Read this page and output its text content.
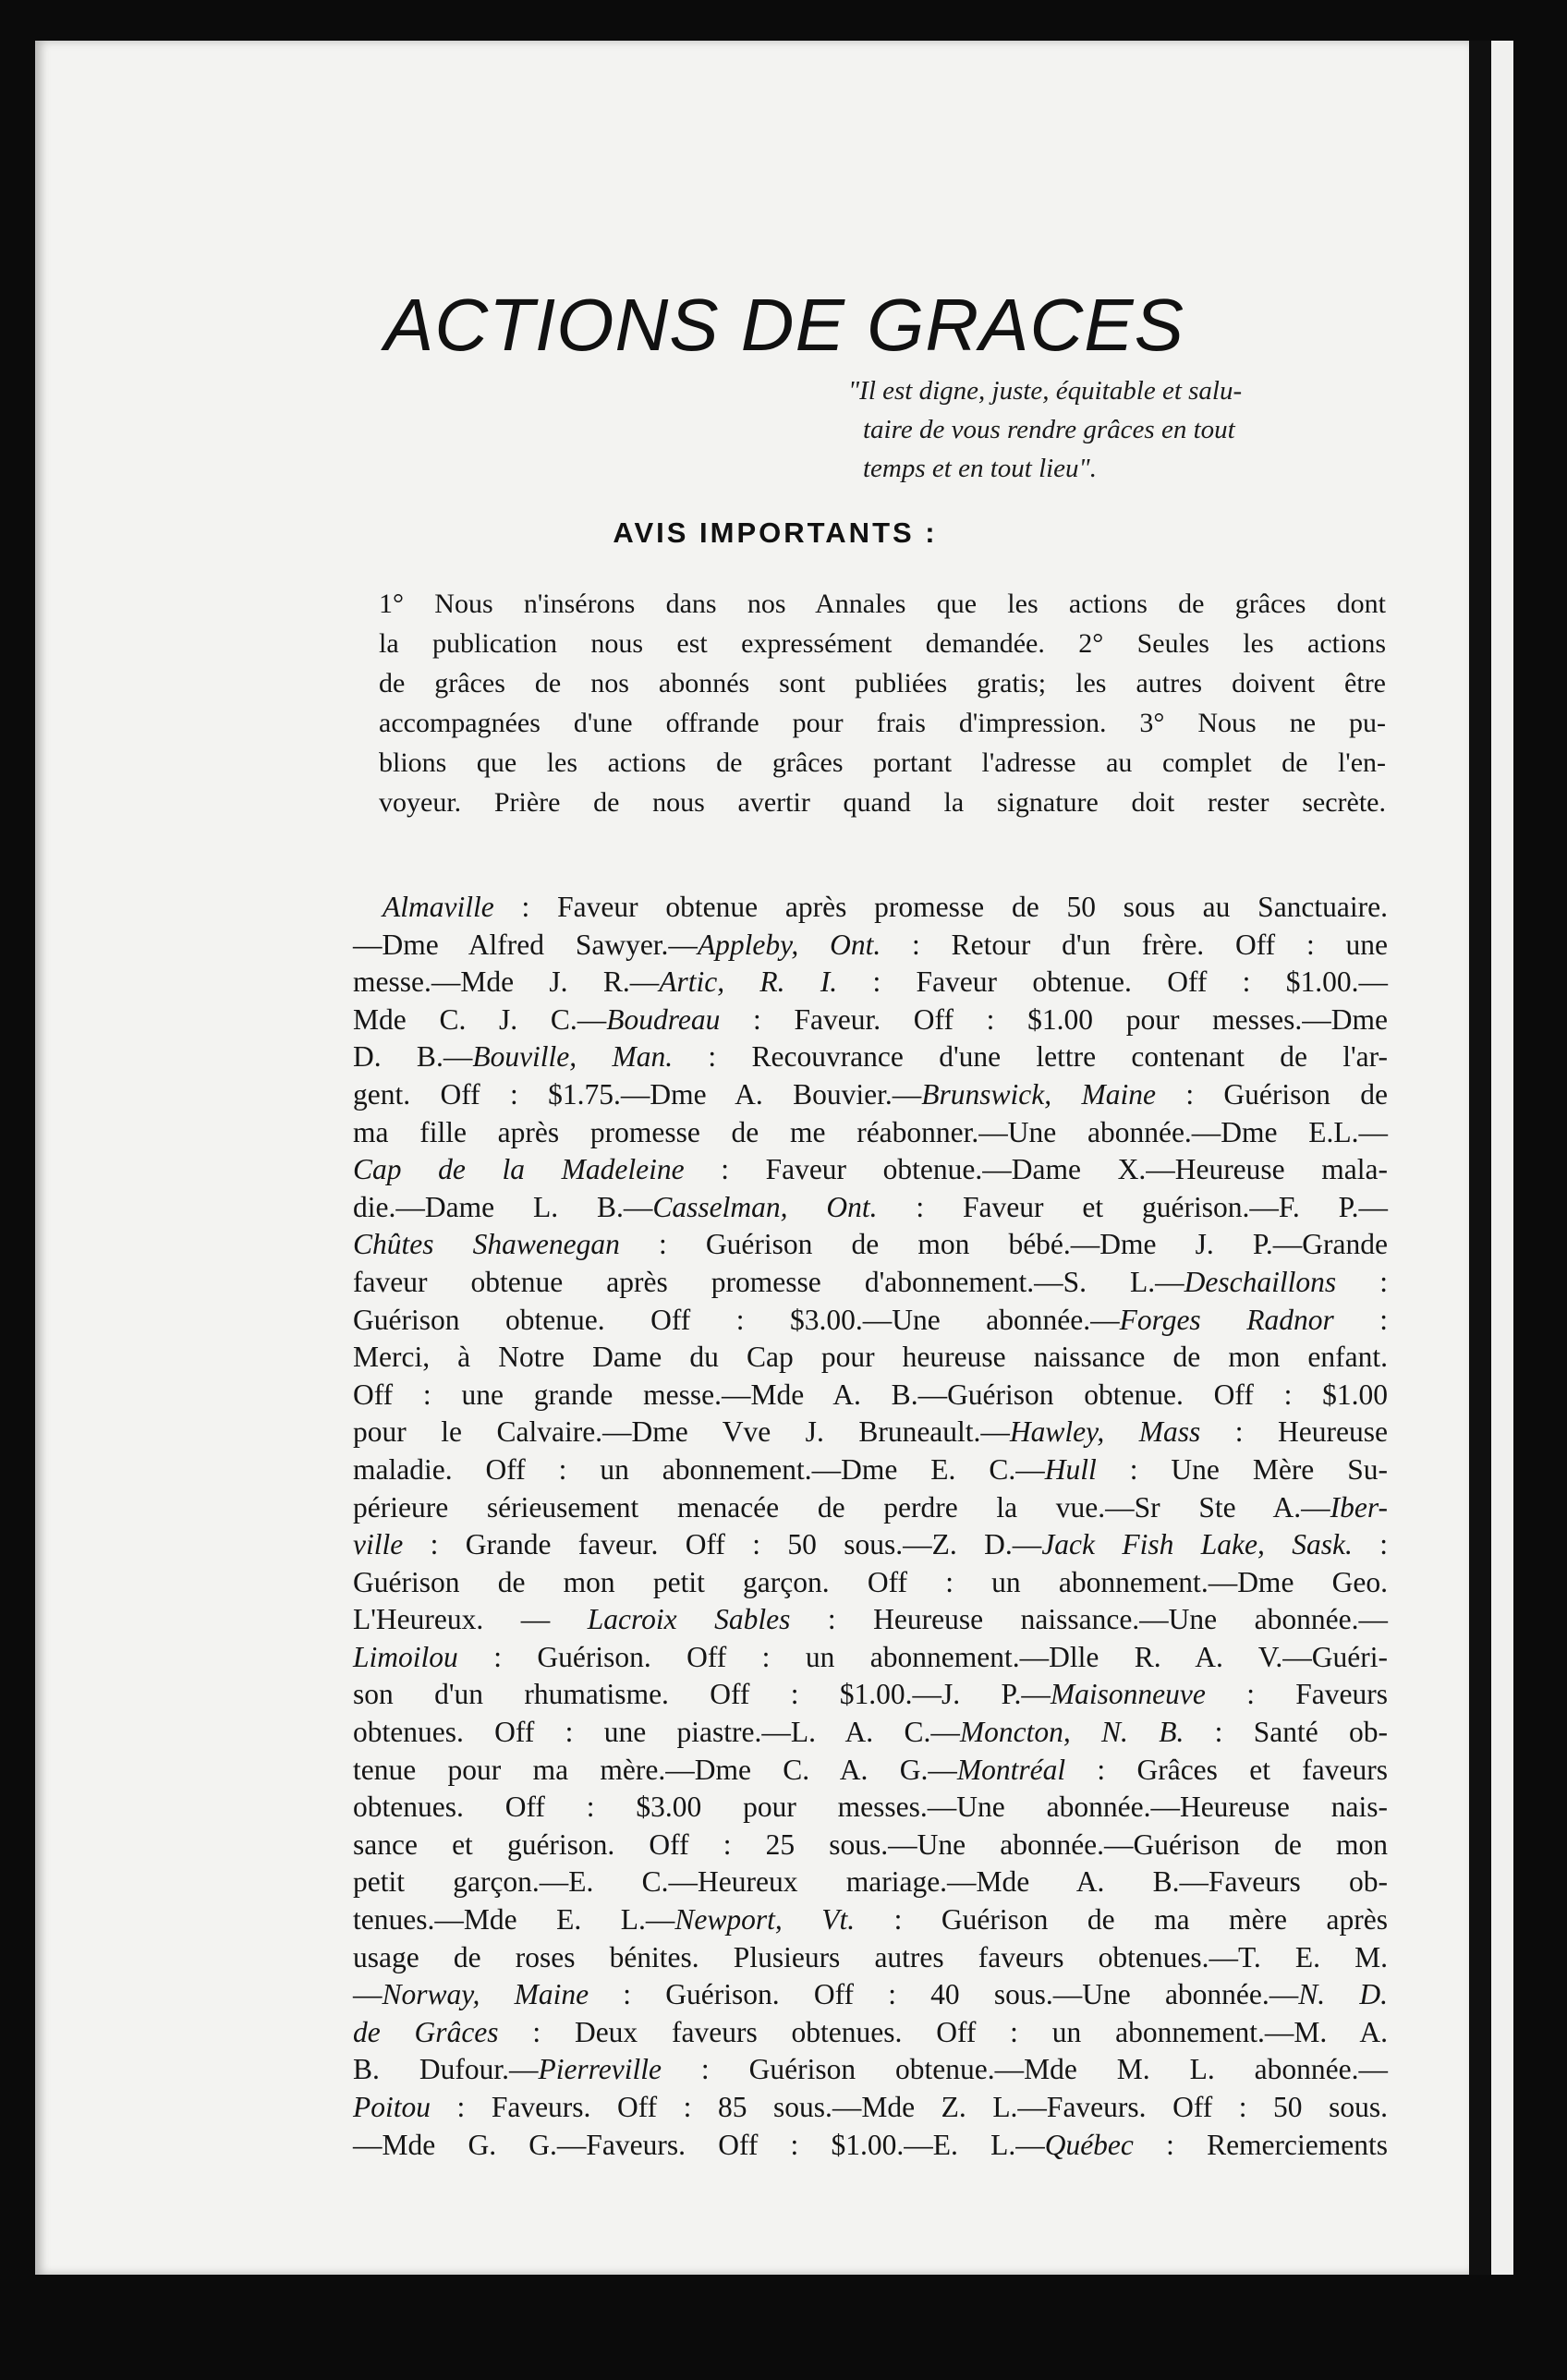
ACTIONS DE GRACES
"Il est digne, juste, équitable et salu-
taire de vous rendre grâces en tout
temps et en tout lieu".
AVIS IMPORTANTS :
1° Nous n'insérons dans nos Annales que les actions de grâces dont
la publication nous est expressément demandée. 2° Seules les actions
de grâces de nos abonnés sont publiées gratis; les autres doivent être
accompagnées d'une offrande pour frais d'impression. 3° Nous ne pu-
blions que les actions de grâces portant l'adresse au complet de l'en-
voyeur. Prière de nous avertir quand la signature doit rester secrète.
Almaville : Faveur obtenue après promesse de 50 sous au Sanctuaire.
—Dme Alfred Sawyer.—Appleby, Ont. : Retour d'un frère. Off : une
messe.—Mde J. R.—Artic, R. I. : Faveur obtenue. Off : $1.00.—
Mde C. J. C.—Boudreau : Faveur. Off : $1.00 pour messes.—Dme
D. B.—Bouville, Man. : Recouvrance d'une lettre contenant de l'ar-
gent. Off : $1.75.—Dme A. Bouvier.—Brunswick, Maine : Guérison de
ma fille après promesse de me réabonner.—Une abonnée.—Dme E.L.—
Cap de la Madeleine : Faveur obtenue.—Dame X.—Heureuse mala-
die.—Dame L. B.—Casselman, Ont. : Faveur et guérison.—F. P.—
Chûtes Shawenegan : Guérison de mon bébé.—Dme J. P.—Grande
faveur obtenue après promesse d'abonnement.—S. L.—Deschaillons :
Guérison obtenue. Off : $3.00.—Une abonnée.—Forges Radnor :
Merci, à Notre Dame du Cap pour heureuse naissance de mon enfant.
Off : une grande messe.—Mde A. B.—Guérison obtenue. Off : $1.00
pour le Calvaire.—Dme Vve J. Bruneault.—Hawley, Mass : Heureuse
maladie. Off : un abonnement.—Dme E. C.—Hull : Une Mère Su-
périeure sérieusement menacée de perdre la vue.—Sr Ste A.—Iber-
ville : Grande faveur. Off : 50 sous.—Z. D.—Jack Fish Lake, Sask. :
Guérison de mon petit garçon. Off : un abonnement.—Dme Geo.
L'Heureux. — Lacroix Sables : Heureuse naissance.—Une abonnée.—
Limoilou : Guérison. Off : un abonnement.—Dlle R. A. V.—Guéri-
son d'un rhumatisme. Off : $1.00.—J. P.—Maisonneuve : Faveurs
obtenues. Off : une piastre.—L. A. C.—Moncton, N. B. : Santé ob-
tenue pour ma mère.—Dme C. A. G.—Montréal : Grâces et faveurs
obtenues. Off : $3.00 pour messes.—Une abonnée.—Heureuse nais-
sance et guérison. Off : 25 sous.—Une abonnée.—Guérison de mon
petit garçon.—E. C.—Heureux mariage.—Mde A. B.—Faveurs ob-
tenues.—Mde E. L.—Newport, Vt. : Guérison de ma mère après
usage de roses bénites. Plusieurs autres faveurs obtenues.—T. E. M.
—Norway, Maine : Guérison. Off : 40 sous.—Une abonnée.—N. D.
de Grâces : Deux faveurs obtenues. Off : un abonnement.—M. A.
B. Dufour.—Pierreville : Guérison obtenue.—Mde M. L. abonnée.—
Poitou : Faveurs. Off : 85 sous.—Mde Z. L.—Faveurs. Off : 50 sous.
—Mde G. G.—Faveurs. Off : $1.00.—E. L.—Québec : Remerciements
